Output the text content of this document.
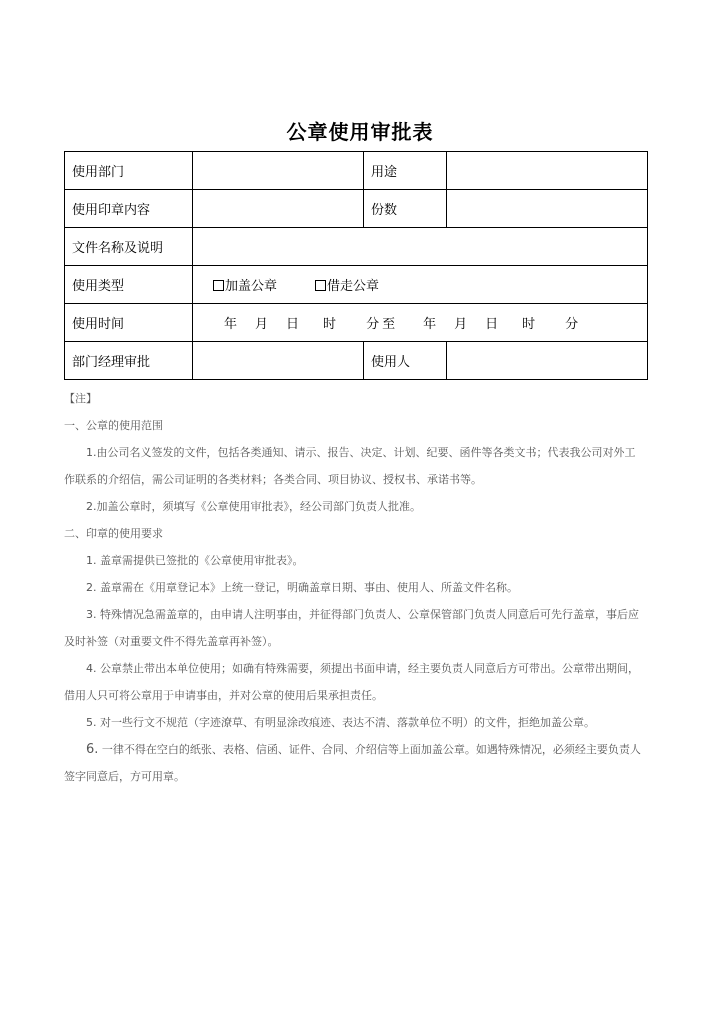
公章使用审批表
使用部门		用途	
使用印章内容		份数	
文件名称及说明			
使用类型	加盖公章 借走公章		
使用时间	年 月 日 时 分 至 年 月 日 时 分		
部门经理审批		使用人	

【注】

一、公章的使用范围

1.由公司名义签发的文件，包括各类通知、请示、报告、决定、计划、纪要、函件等各类文书；代表我公司对外工

作联系的介绍信，需公司证明的各类材料；各类合同、项目协议、授权书、承诺书等。

2.加盖公章时，须填写《公章使用审批表》，经公司部门负责人批准。

二、印章的使用要求

1. 盖章需提供已签批的《公章使用审批表》。

2. 盖章需在《用章登记本》上统一登记，明确盖章日期、事由、使用人、所盖文件名称。

3. 特殊情况急需盖章的，由申请人注明事由，并征得部门负责人、公章保管部门负责人同意后可先行盖章，事后应

及时补签（对重要文件不得先盖章再补签）。

4. 公章禁止带出本单位使用；如确有特殊需要，须提出书面申请，经主要负责人同意后方可带出。公章带出期间，

借用人只可将公章用于申请事由，并对公章的使用后果承担责任。

5. 对一些行文不规范（字迹潦草、有明显涂改痕迹、表达不清、落款单位不明）的文件，拒绝加盖公章。

6. 一律不得在空白的纸张、表格、信函、证件、合同、介绍信等上面加盖公章。如遇特殊情况，必须经主要负责人

签字同意后，方可用章。
